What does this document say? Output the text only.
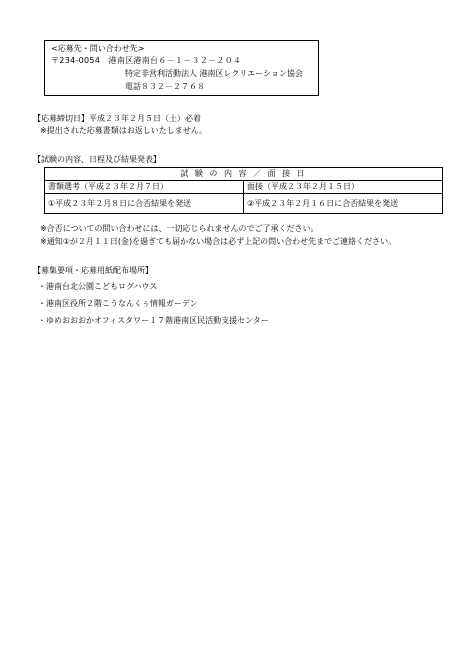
<応募先・問い合わせ先>
〒234-0054　港南区港南台６－１－３２－２０４
特定非営利活動法人 港南区レクリエーション協会
電話８３２－２７６８
【応募締切日】平成２３年２月５日（土）必着
※提出された応募書類はお返しいたしません。
【試験の内容、日程及び結果発表】
試 験 の 内 容 ／ 面 接 日	
書類選考（平成２３年２月７日）	面接（平成２３年２月１５日）
①平成２３年２月８日に合否結果を発送	②平成２３年２月１６日に合否結果を発送
※合否についての問い合わせには、一切応じられませんのでご了承ください。
※通知①が２月１１日(金)を過ぎても届かない場合は必ず上記の問い合わせ先までご連絡ください。
【募集要項・応募用紙配布場所】
・港南台北公園こどもログハウス
・港南区役所２階こうなんくぅ情報ガーデン
・ゆめおおおかオフィスタワー１７階港南区民活動支援センター
